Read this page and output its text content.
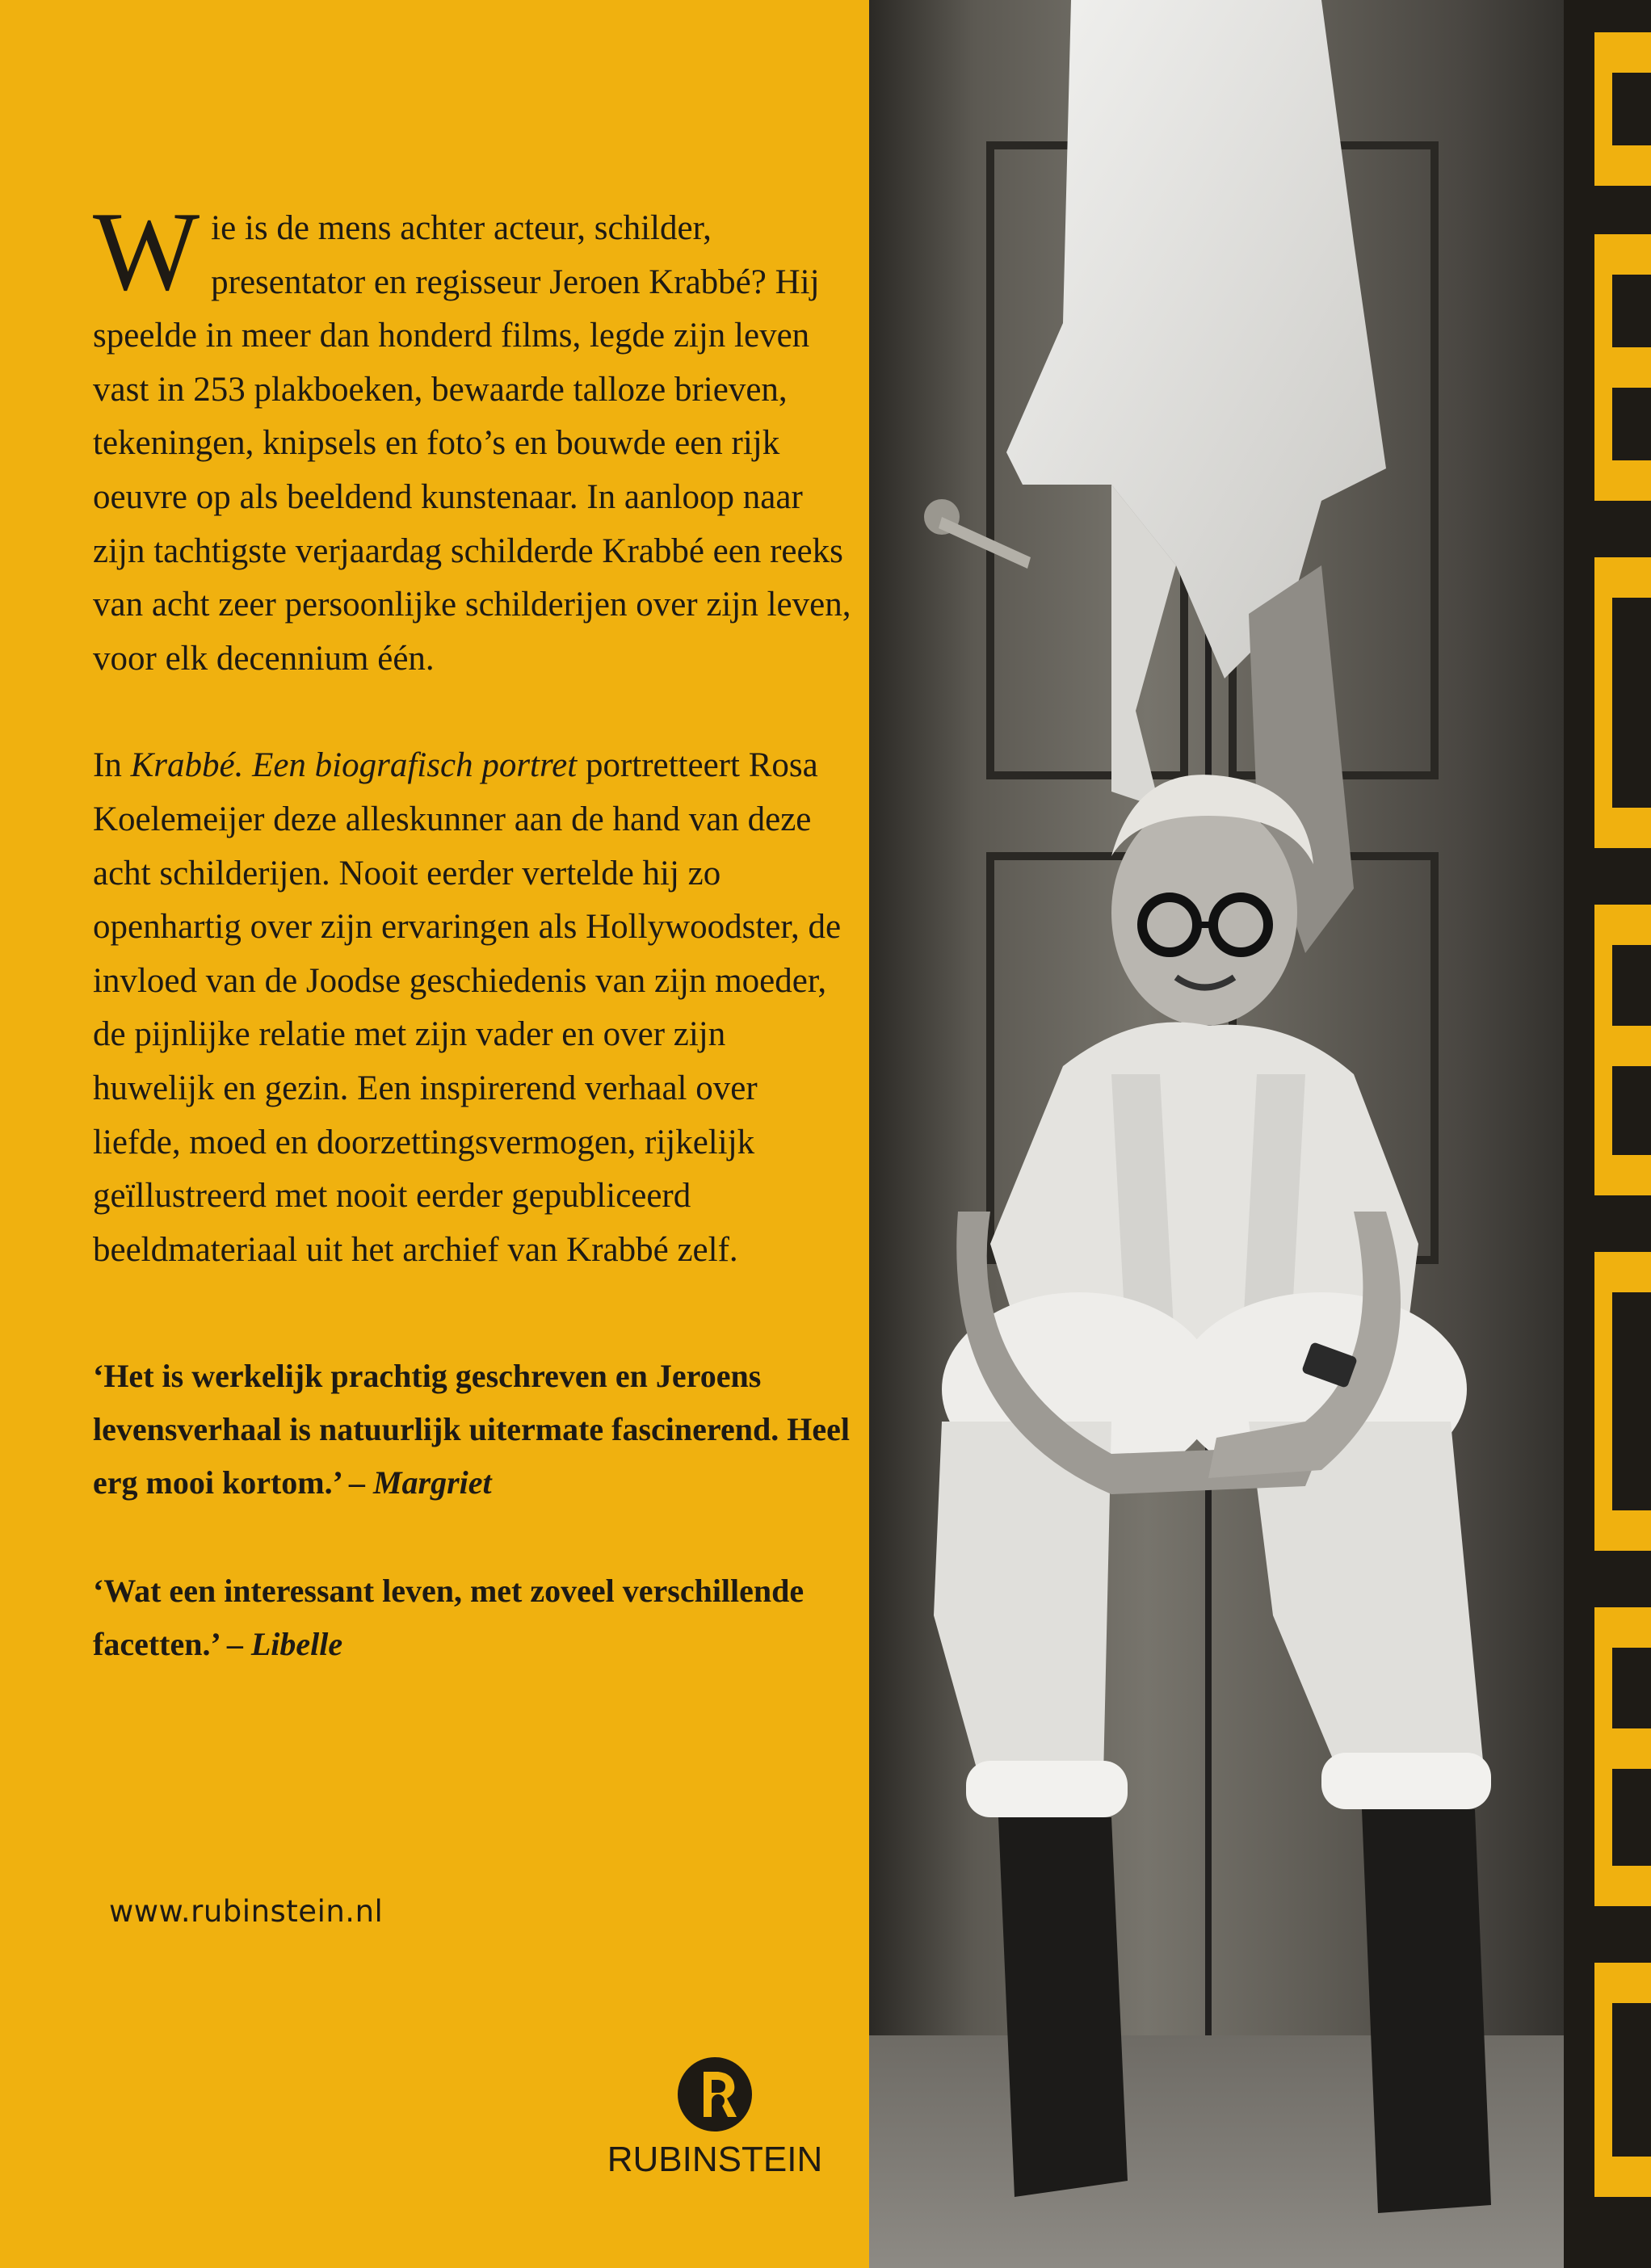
Wie is de mens achter acteur, schilder, presentator en regisseur Jeroen Krabbé? Hij speelde in meer dan honderd films, legde zijn leven vast in 253 plakboeken, bewaarde talloze brieven, tekeningen, knipsels en foto’s en bouwde een rijk oeuvre op als beeldend kunstenaar. In aanloop naar zijn tachtigste verjaardag schilderde Krabbé een reeks van acht zeer persoonlijke schilderijen over zijn leven, voor elk decennium één.

In Krabbé. Een biografisch portret portretteert Rosa Koelemeijer deze alleskunner aan de hand van deze acht schilderijen. Nooit eerder vertelde hij zo openhartig over zijn ervaringen als Hollywoodster, de invloed van de Joodse geschiedenis van zijn moeder, de pijnlijke relatie met zijn vader en over zijn huwelijk en gezin. Een inspirerend verhaal over liefde, moed en doorzettingsvermogen, rijkelijk geïllustreerd met nooit eerder gepubliceerd beeldmateriaal uit het archief van Krabbé zelf.

‘Het is werkelijk prachtig geschreven en Jeroens levensverhaal is natuurlijk uitermate fascinerend. Heel erg mooi kortom.’ – Margriet

‘Wat een interessant leven, met zoveel verschillende facetten.’ – Libelle

www.rubinstein.nl
RUBINSTEIN
